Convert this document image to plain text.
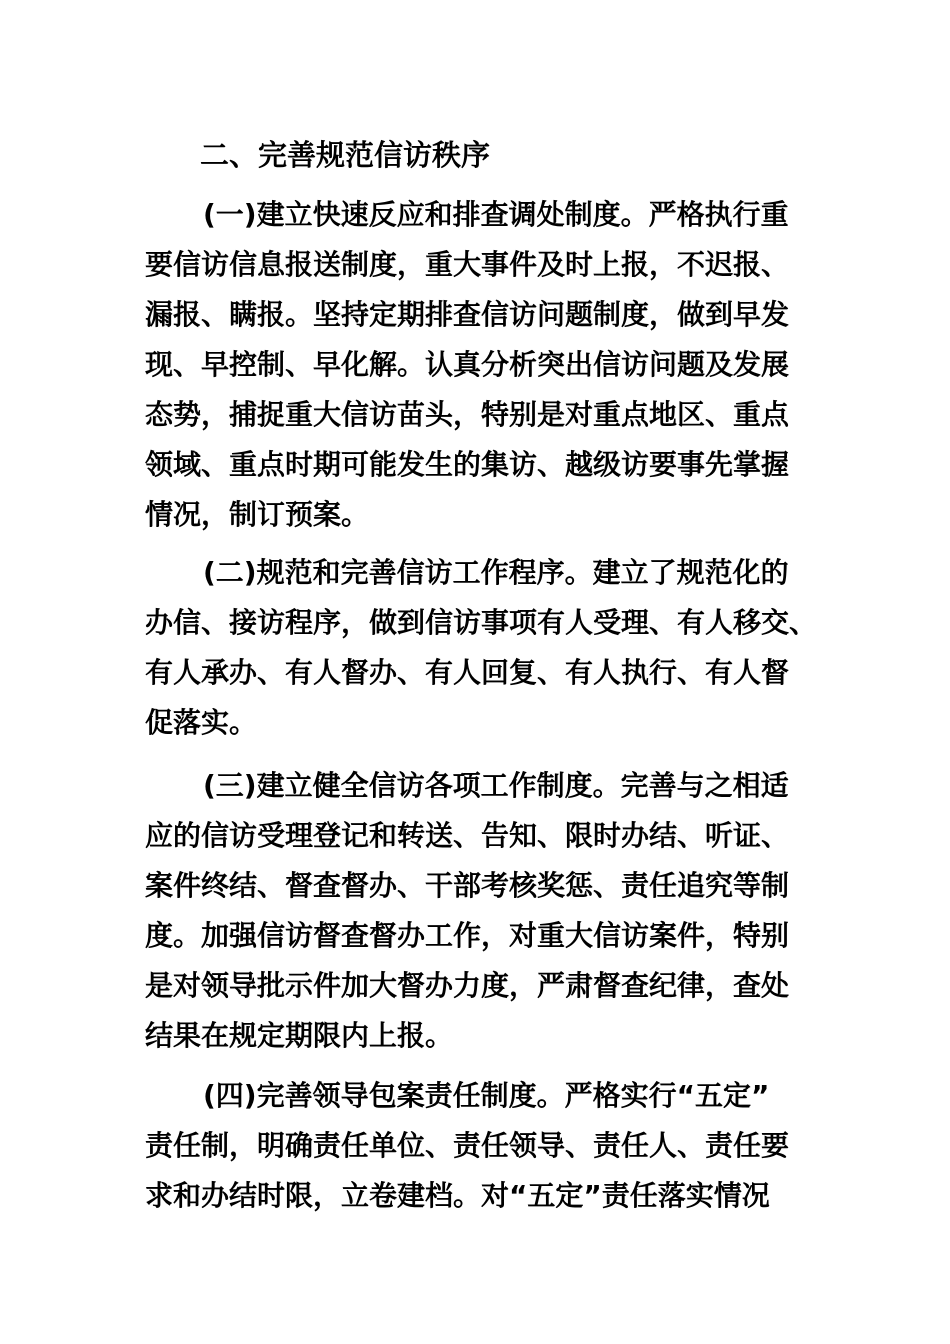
二、完善规范信访秩序
(一)建立快速反应和排查调处制度。严格执行重
要信访信息报送制度，重大事件及时上报，不迟报、
漏报、瞒报。坚持定期排查信访问题制度，做到早发
现、早控制、早化解。认真分析突出信访问题及发展
态势，捕捉重大信访苗头，特别是对重点地区、重点
领域、重点时期可能发生的集访、越级访要事先掌握
情况，制订预案。
(二)规范和完善信访工作程序。建立了规范化的
办信、接访程序，做到信访事项有人受理、有人移交、
有人承办、有人督办、有人回复、有人执行、有人督
促落实。
(三)建立健全信访各项工作制度。完善与之相适
应的信访受理登记和转送、告知、限时办结、听证、
案件终结、督查督办、干部考核奖惩、责任追究等制
度。加强信访督查督办工作，对重大信访案件，特别
是对领导批示件加大督办力度，严肃督查纪律，查处
结果在规定期限内上报。
(四)完善领导包案责任制度。严格实行“五定”
责任制，明确责任单位、责任领导、责任人、责任要
求和办结时限，立卷建档。对“五定”责任落实情况
